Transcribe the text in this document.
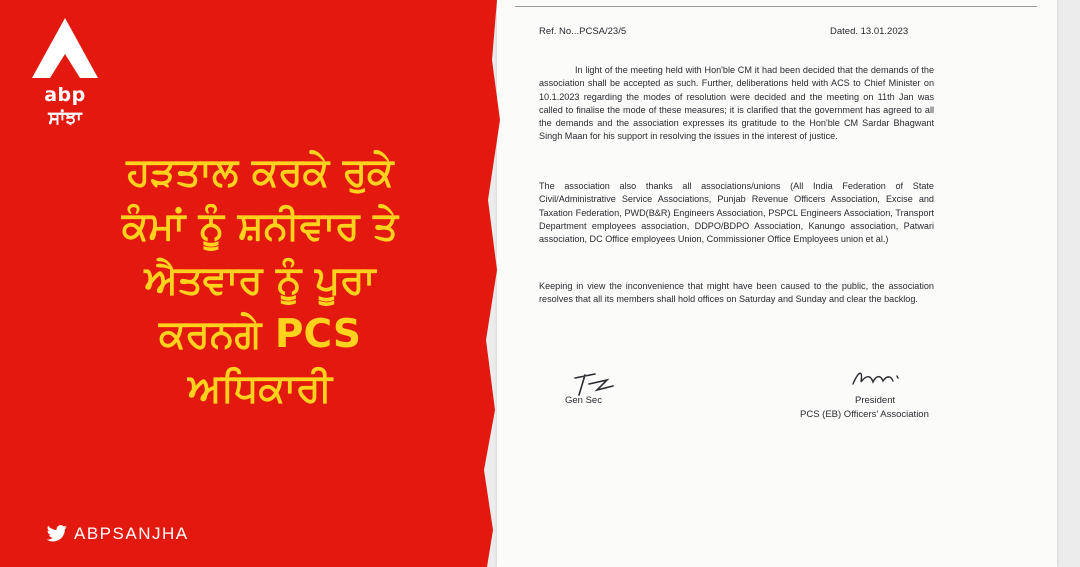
Ref. No...PCSA/23/5	Dated. 13.01.2023

In light of the meeting held with Hon'ble CM it had been decided that the demands of the association shall be accepted as such. Further, deliberations held with ACS to Chief Minister on 10.1.2023 regarding the modes of resolution were decided and the meeting on 11th Jan was called to finalise the mode of these measures; it is clarified that the government has agreed to all the demands and the association expresses its gratitude to the Hon'ble CM Sardar Bhagwant Singh Maan for his support in resolving the issues in the interest of justice.

The association also thanks all associations/unions (All India Federation of State Civil/Administrative Service Associations, Punjab Revenue Officers Association, Excise and Taxation Federation, PWD(B&R) Engineers Association, PSPCL Engineers Association, Transport Department employees association, DDPO/BDPO Association, Kanungo association, Patwari association, DC Office employees Union, Commissioner Office Employees union et al.)

Keeping in view the inconvenience that might have been caused to the public, the association resolves that all its members shall hold offices on Saturday and Sunday and clear the backlog.

Gen Sec	President
PCS (EB) Officers' Association
abp
ਸਾਂਝਾ
ਹੜਤਾਲ ਕਰਕੇ ਰੁਕੇ
ਕੰਮਾਂ ਨੂੰ ਸ਼ਨੀਵਾਰ ਤੇ
ਐਤਵਾਰ ਨੂੰ ਪੂਰਾ
ਕਰਨਗੇ PCS
ਅਧਿਕਾਰੀ
ABPSANJHA
